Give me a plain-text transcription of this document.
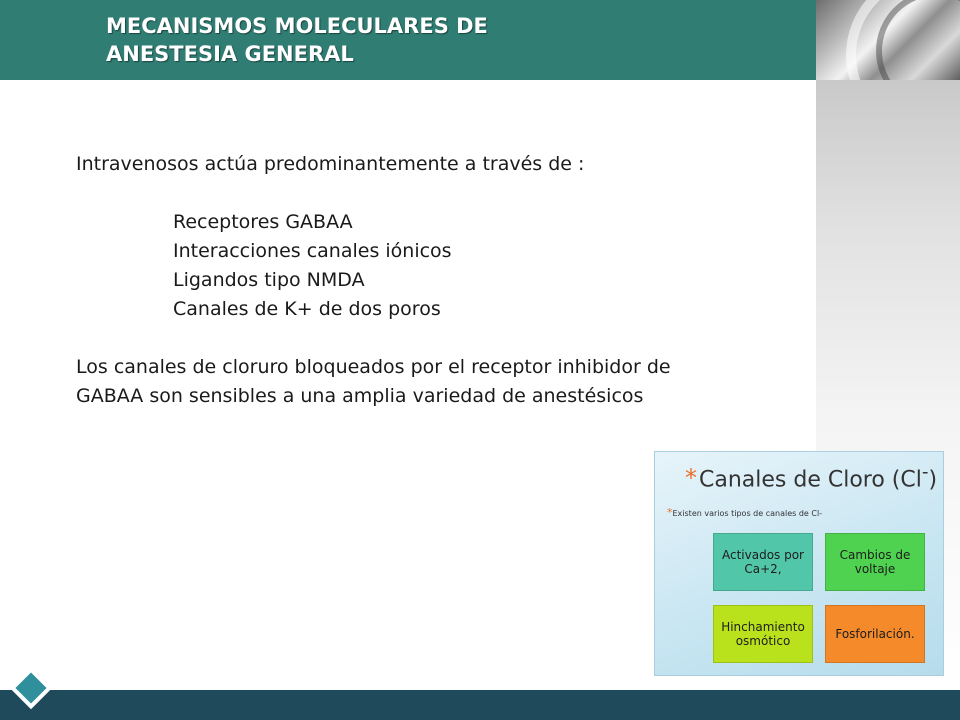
MECANISMOS MOLECULARES DE
ANESTESIA GENERAL

Intravenosos actúa predominantemente a través de :

Receptores GABAA

Interacciones canales iónicos

Ligandos tipo NMDA

Canales de K+ de dos poros

Los canales de cloruro bloqueados por el receptor inhibidor de

GABAA son sensibles a una amplia variedad de anestésicos

*Canales de Cloro (Cl-)
*Existen varios tipos de canales de Cl-
Activados por Ca+2,
Cambios de voltaje
Hinchamiento osmótico	Fosforilación.
